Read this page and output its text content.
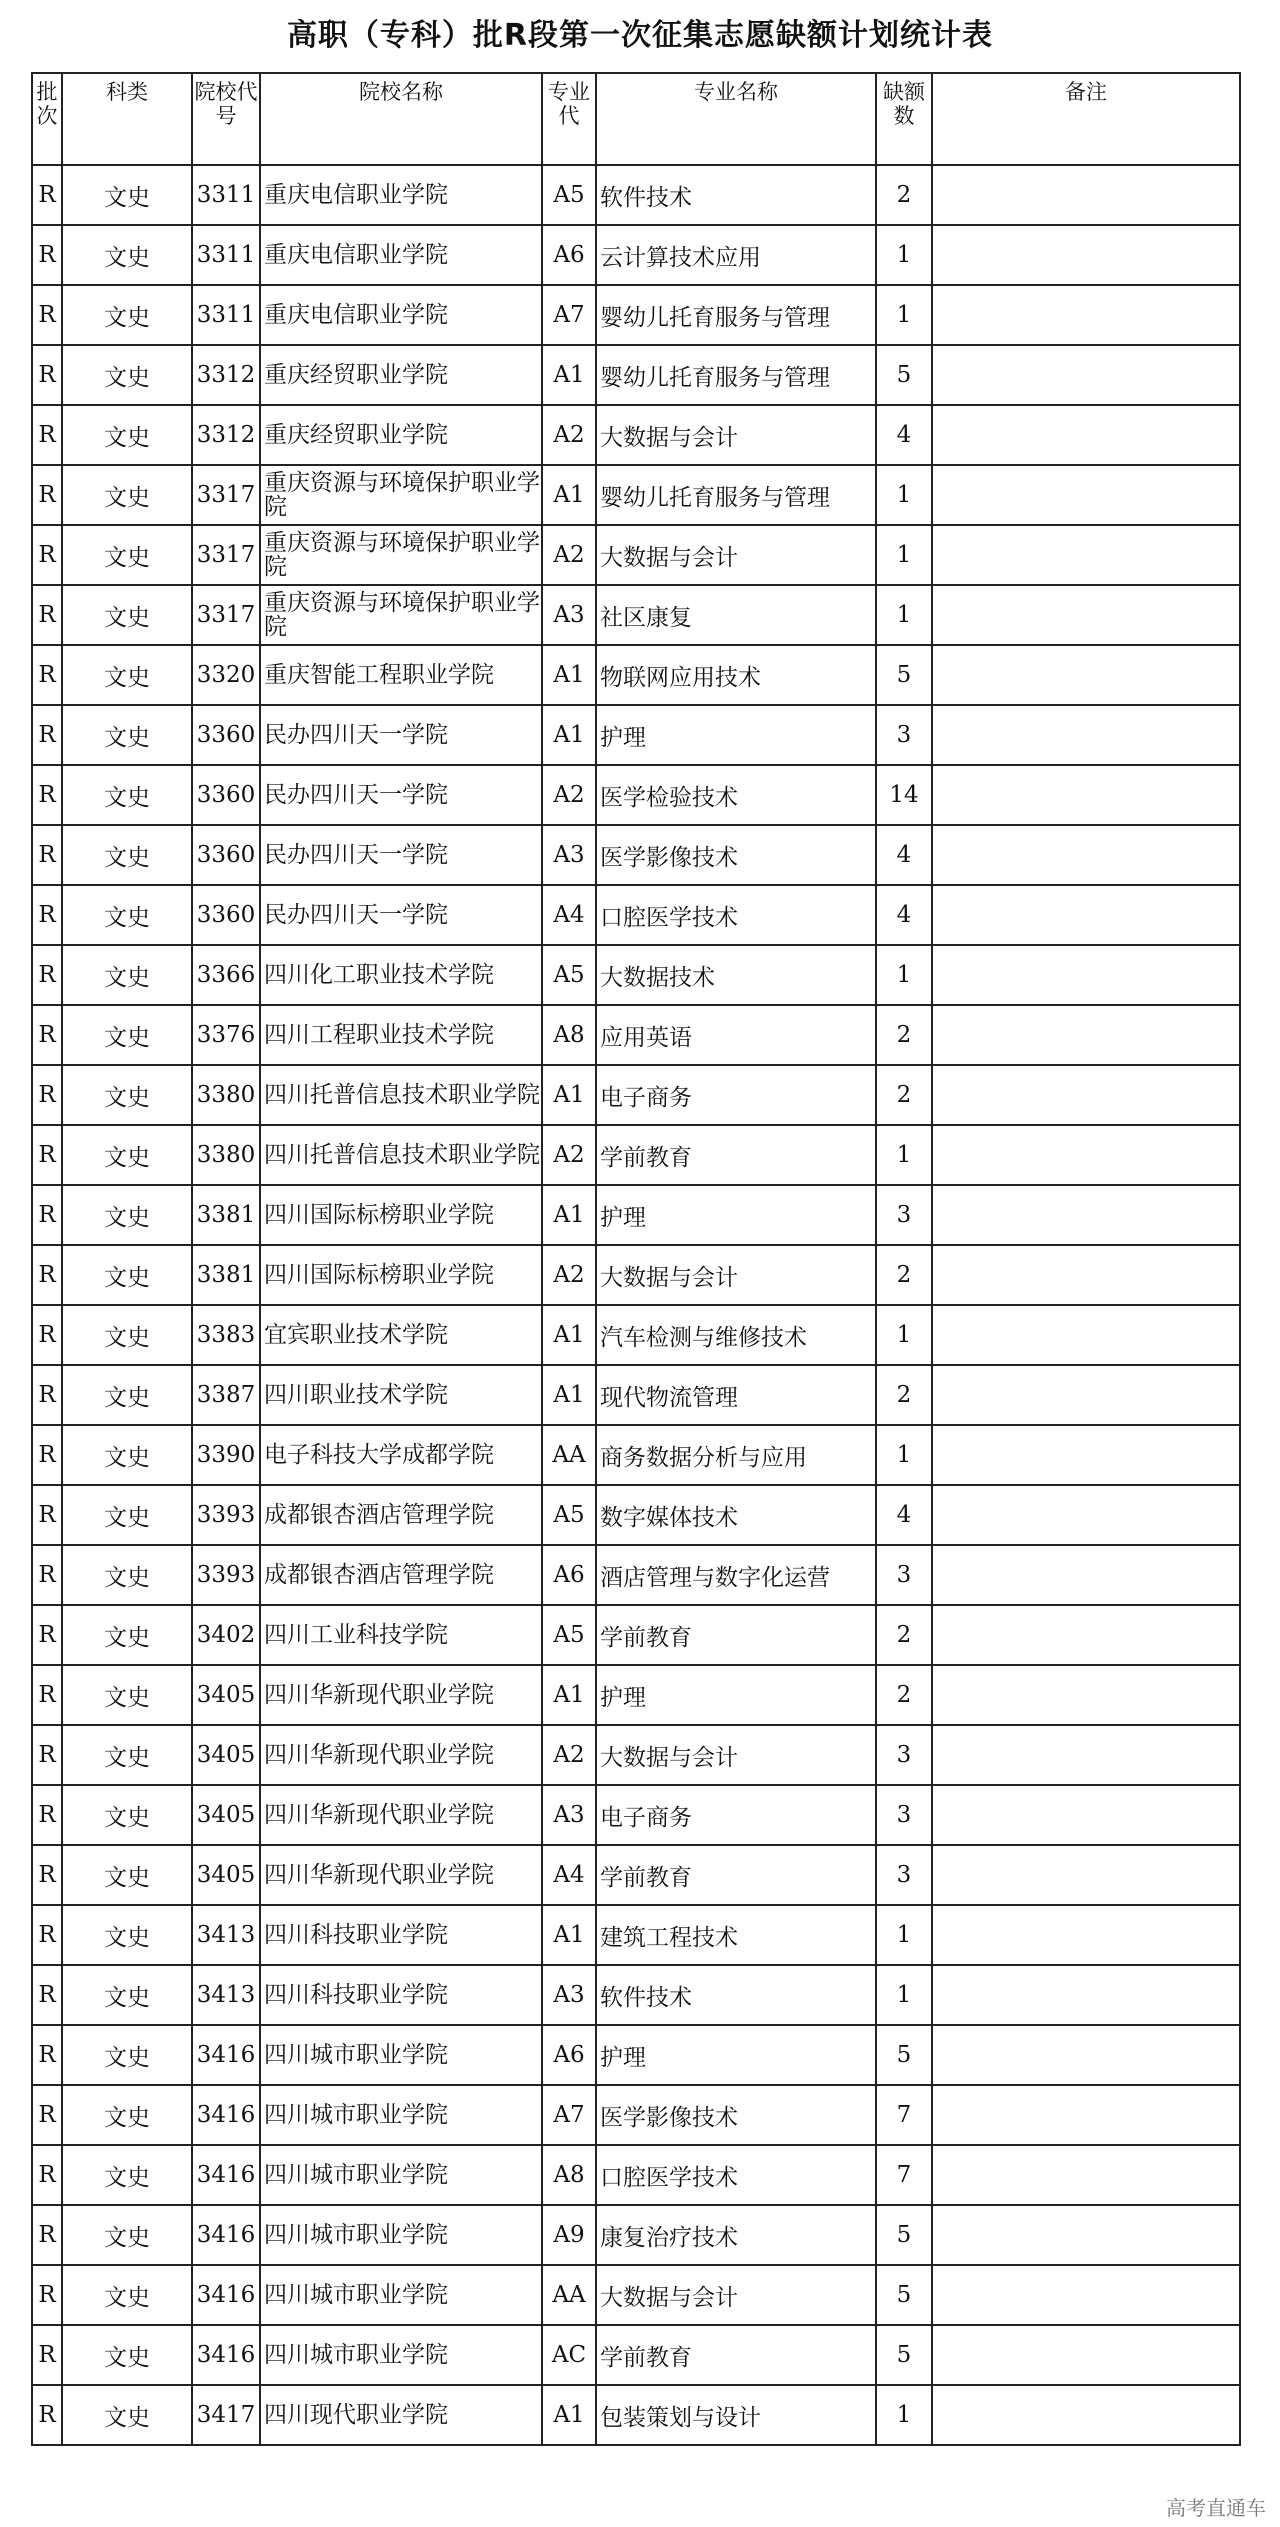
高职（专科）批R段第一次征集志愿缺额计划统计表
批次	科类	院校代号	院校名称	专业代	专业名称	缺额数	备注
R	文史	3311	重庆电信职业学院	A5	软件技术	2	
R	文史	3311	重庆电信职业学院	A6	云计算技术应用	1	
R	文史	3311	重庆电信职业学院	A7	婴幼儿托育服务与管理	1	
R	文史	3312	重庆经贸职业学院	A1	婴幼儿托育服务与管理	5	
R	文史	3312	重庆经贸职业学院	A2	大数据与会计	4	
R	文史	3317	重庆资源与环境保护职业学院	A1	婴幼儿托育服务与管理	1	
R	文史	3317	重庆资源与环境保护职业学院	A2	大数据与会计	1	
R	文史	3317	重庆资源与环境保护职业学院	A3	社区康复	1	
R	文史	3320	重庆智能工程职业学院	A1	物联网应用技术	5	
R	文史	3360	民办四川天一学院	A1	护理	3	
R	文史	3360	民办四川天一学院	A2	医学检验技术	14	
R	文史	3360	民办四川天一学院	A3	医学影像技术	4	
R	文史	3360	民办四川天一学院	A4	口腔医学技术	4	
R	文史	3366	四川化工职业技术学院	A5	大数据技术	1	
R	文史	3376	四川工程职业技术学院	A8	应用英语	2	
R	文史	3380	四川托普信息技术职业学院	A1	电子商务	2	
R	文史	3380	四川托普信息技术职业学院	A2	学前教育	1	
R	文史	3381	四川国际标榜职业学院	A1	护理	3	
R	文史	3381	四川国际标榜职业学院	A2	大数据与会计	2	
R	文史	3383	宜宾职业技术学院	A1	汽车检测与维修技术	1	
R	文史	3387	四川职业技术学院	A1	现代物流管理	2	
R	文史	3390	电子科技大学成都学院	AA	商务数据分析与应用	1	
R	文史	3393	成都银杏酒店管理学院	A5	数字媒体技术	4	
R	文史	3393	成都银杏酒店管理学院	A6	酒店管理与数字化运营	3	
R	文史	3402	四川工业科技学院	A5	学前教育	2	
R	文史	3405	四川华新现代职业学院	A1	护理	2	
R	文史	3405	四川华新现代职业学院	A2	大数据与会计	3	
R	文史	3405	四川华新现代职业学院	A3	电子商务	3	
R	文史	3405	四川华新现代职业学院	A4	学前教育	3	
R	文史	3413	四川科技职业学院	A1	建筑工程技术	1	
R	文史	3413	四川科技职业学院	A3	软件技术	1	
R	文史	3416	四川城市职业学院	A6	护理	5	
R	文史	3416	四川城市职业学院	A7	医学影像技术	7	
R	文史	3416	四川城市职业学院	A8	口腔医学技术	7	
R	文史	3416	四川城市职业学院	A9	康复治疗技术	5	
R	文史	3416	四川城市职业学院	AA	大数据与会计	5	
R	文史	3416	四川城市职业学院	AC	学前教育	5	
R	文史	3417	四川现代职业学院	A1	包装策划与设计	1	
高考直通车
